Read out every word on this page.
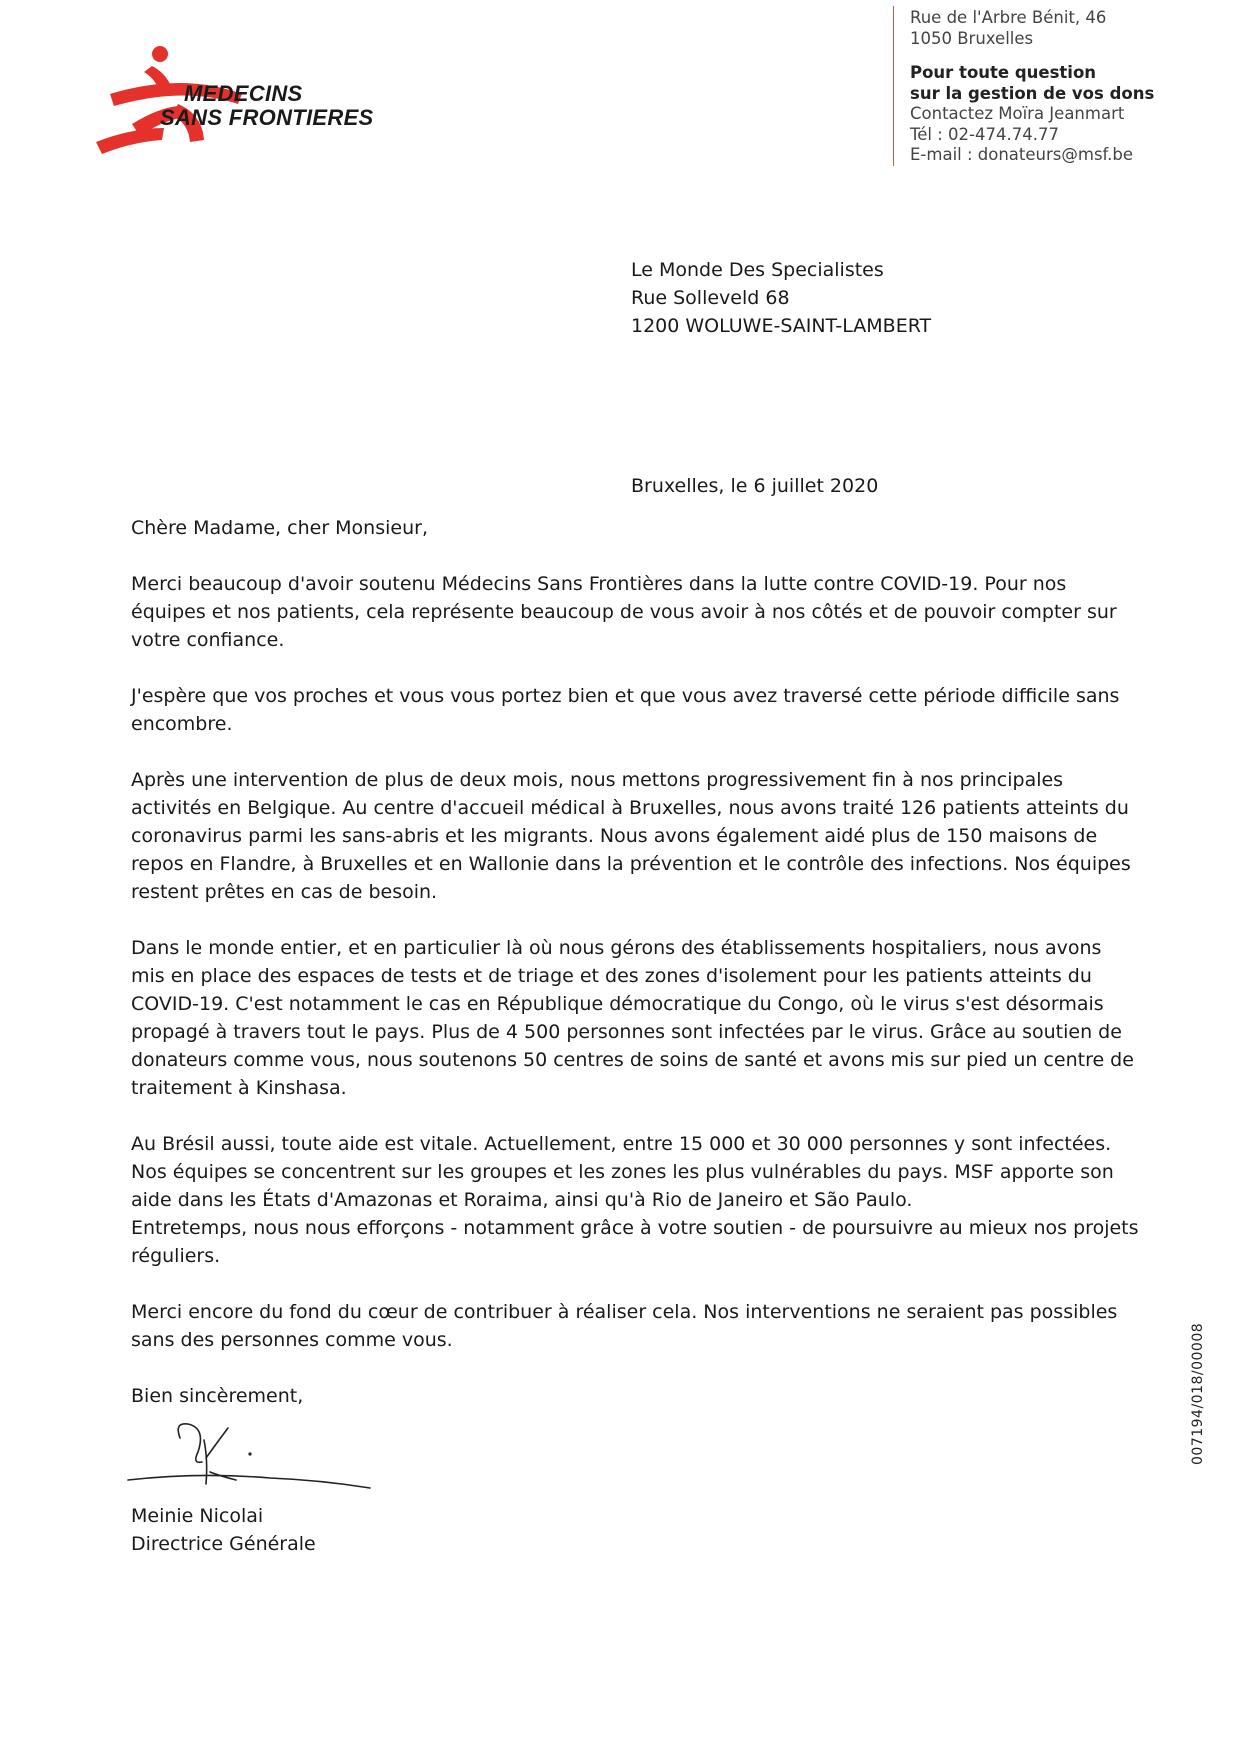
MEDECINS
SANS FRONTIERES
Rue de l'Arbre Bénit, 46
1050 Bruxelles
Pour toute question
sur la gestion de vos dons
Contactez Moïra Jeanmart
Tél : 02-474.74.77
E-mail : donateurs@msf.be
Le Monde Des Specialistes
Rue Solleveld 68
1200 WOLUWE-SAINT-LAMBERT
Bruxelles, le 6 juillet 2020

Chère Madame, cher Monsieur,

Merci beaucoup d'avoir soutenu Médecins Sans Frontières dans la lutte contre COVID-19. Pour nos équipes et nos patients, cela représente beaucoup de vous avoir à nos côtés et de pouvoir compter sur votre confiance.

J'espère que vos proches et vous vous portez bien et que vous avez traversé cette période difficile sans encombre.

Après une intervention de plus de deux mois, nous mettons progressivement fin à nos principales activités en Belgique. Au centre d'accueil médical à Bruxelles, nous avons traité 126 patients atteints du coronavirus parmi les sans-abris et les migrants. Nous avons également aidé plus de 150 maisons de repos en Flandre, à Bruxelles et en Wallonie dans la prévention et le contrôle des infections. Nos équipes restent prêtes en cas de besoin.

Dans le monde entier, et en particulier là où nous gérons des établissements hospitaliers, nous avons mis en place des espaces de tests et de triage et des zones d'isolement pour les patients atteints du COVID-19. C'est notamment le cas en République démocratique du Congo, où le virus s'est désormais propagé à travers tout le pays. Plus de 4 500 personnes sont infectées par le virus. Grâce au soutien de donateurs comme vous, nous soutenons 50 centres de soins de santé et avons mis sur pied un centre de traitement à Kinshasa.

Au Brésil aussi, toute aide est vitale. Actuellement, entre 15 000 et 30 000 personnes y sont infectées. Nos équipes se concentrent sur les groupes et les zones les plus vulnérables du pays. MSF apporte son aide dans les États d'Amazonas et Roraima, ainsi qu'à Rio de Janeiro et São Paulo.
Entretemps, nous nous efforçons - notamment grâce à votre soutien - de poursuivre au mieux nos projets réguliers.

Merci encore du fond du cœur de contribuer à réaliser cela. Nos interventions ne seraient pas possibles sans des personnes comme vous.

Bien sincèrement,

Meinie Nicolai
Directrice Générale
007194/018/00008
